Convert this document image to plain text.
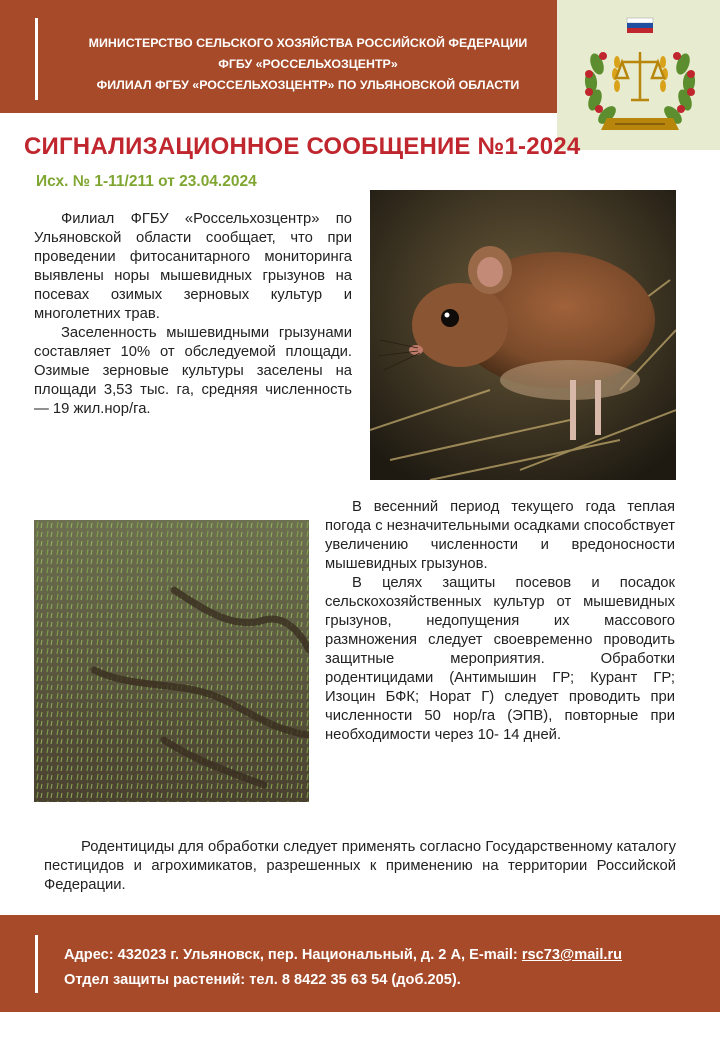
МИНИСТЕРСТВО СЕЛЬСКОГО ХОЗЯЙСТВА РОССИЙСКОЙ ФЕДЕРАЦИИ
ФГБУ «РОССЕЛЬХОЗЦЕНТР»
ФИЛИАЛ ФГБУ «РОССЕЛЬХОЗЦЕНТР» ПО УЛЬЯНОВСКОЙ ОБЛАСТИ
СИГНАЛИЗАЦИОННОЕ СООБЩЕНИЕ №1-2024
Исх. № 1-11/211 от 23.04.2024

Филиал ФГБУ «Россельхозцентр» по Ульяновской области сообщает, что при проведении фитосанитарного мониторинга выявлены норы мышевидных грызунов на посевах озимых зерновых культур и многолетних трав.

Заселенность мышевидными грызунами составляет 10% от обследуемой площади. Озимые зерновые культуры заселены на площади 3,53 тыс. га, средняя численность — 19 жил.нор/га.

В весенний период текущего года теплая погода с незначительными осадками способствует увеличению численности и вредоносности мышевидных грызунов.

В целях защиты посевов и посадок сельскохозяйственных культур от мышевидных грызунов, недопущения их массового размножения следует своевременно проводить защитные мероприятия. Обработки родентицидами (Антимышин ГР; Курант ГР; Изоцин БФК; Норат Г) следует проводить при численности 50 нор/га (ЭПВ), повторные при необходимости через 10- 14 дней.

Родентициды для обработки следует применять согласно Государственному каталогу пестицидов и агрохимикатов, разрешенных к применению на территории Российской Федерации.

Адрес: 432023 г. Ульяновск, пер. Национальный, д. 2 А, E-mail: rsc73@mail.ru
Отдел защиты растений: тел. 8 8422 35 63 54 (доб.205).
